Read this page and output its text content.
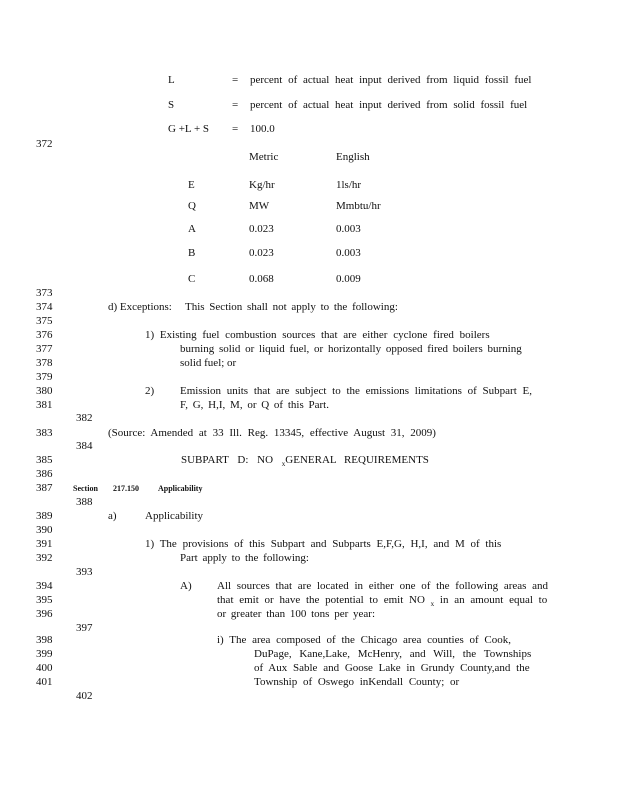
L	= percent of actual heat input derived from liquid fossil fuel
S	= percent of actual heat input derived from solid fossil fuel
G +L + S = 100.0
Metric	English
E	Kg/hr	1ls/hr
Q	MW	Mmbtu/hr
A	0.023	0.003
B	0.023	0.003
C	0.068	0.009
372
373
374
375
376
377
378
379
380
381
383
385
386
387
389
390
391
392
394
395
396
398
399
400
401
382
384
388
393
397
402
d) Exceptions: This Section shall not apply to the following:
1) Existing fuel combustion sources that are either cyclone fired boilers
burning solid or liquid fuel, or horizontally opposed fired boilers burning
solid fuel; or
2) Emission units that are subject to the emissions limitations of Subpart E,
F, G, H,I, M, or Q of this Part.
(Source: Amended at 33 Ill. Reg. 13345, effective August 31, 2009)
SUBPART D: NO $_x$GENERAL REQUIREMENTS
Section 217.150 Applicability
a)	Applicability
1) The provisions of this Subpart and Subparts E,F,G, H,I, and M of this
Part apply to the following:
A) All sources that are located in either one of the following areas and
that emit or have the potential to emit NO $_x$ in an amount equal to
or greater than 100 tons per year:
i) The area composed of the Chicago area counties of Cook,
DuPage, Kane,Lake, McHenry, and Will, the Townships
of Aux Sable and Goose Lake in Grundy County,and the
Township of Oswego inKendall County; or
